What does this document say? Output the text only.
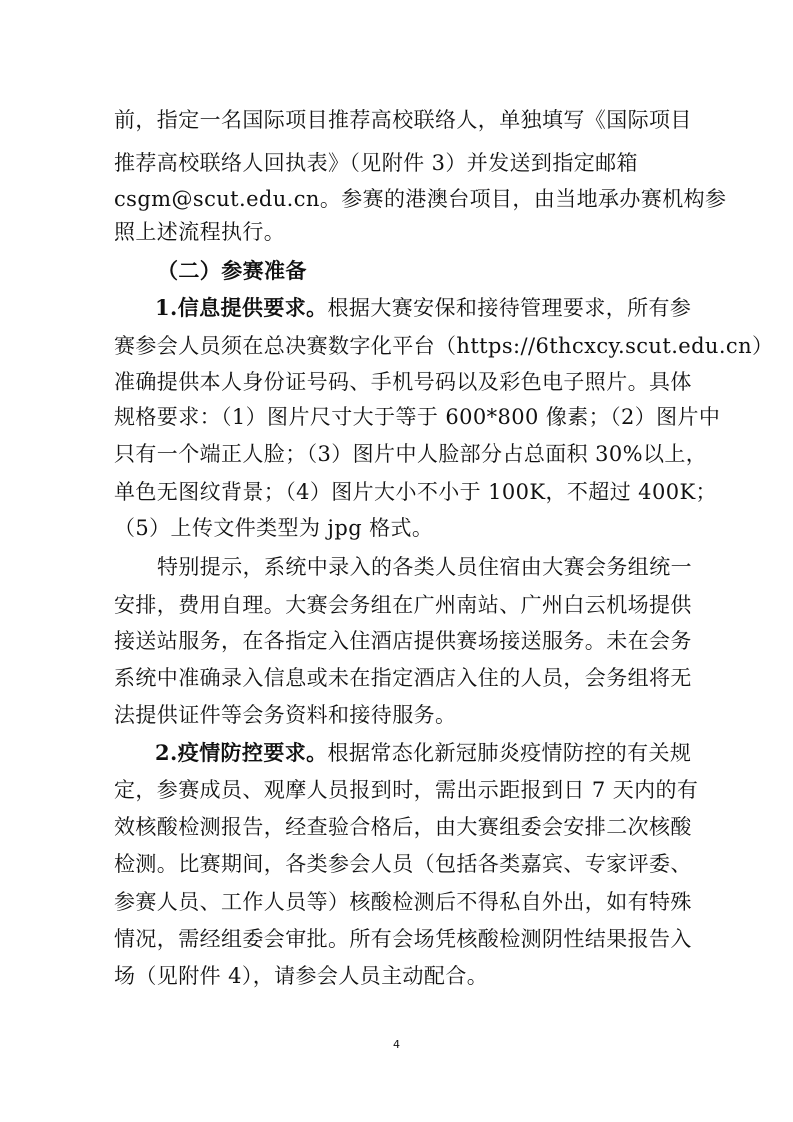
前，指定一名国际项目推荐高校联络人，单独填写《国际项目
推荐高校联络人回执表》（见附件 3）并发送到指定邮箱
csgm@scut.edu.cn。参赛的港澳台项目，由当地承办赛机构参
照上述流程执行。
（二）参赛准备
1.信息提供要求。根据大赛安保和接待管理要求，所有参
赛参会人员须在总决赛数字化平台（https://6thcxcy.scut.edu.cn）
准确提供本人身份证号码、手机号码以及彩色电子照片。具体
规格要求：（1）图片尺寸大于等于 600*800 像素；（2）图片中
只有一个端正人脸；（3）图片中人脸部分占总面积 30%以上，
单色无图纹背景；（4）图片大小不小于 100K，不超过 400K；
（5）上传文件类型为 jpg 格式。
特别提示，系统中录入的各类人员住宿由大赛会务组统一
安排，费用自理。大赛会务组在广州南站、广州白云机场提供
接送站服务，在各指定入住酒店提供赛场接送服务。未在会务
系统中准确录入信息或未在指定酒店入住的人员，会务组将无
法提供证件等会务资料和接待服务。
2.疫情防控要求。根据常态化新冠肺炎疫情防控的有关规
定，参赛成员、观摩人员报到时，需出示距报到日 7 天内的有
效核酸检测报告，经查验合格后，由大赛组委会安排二次核酸
检测。比赛期间，各类参会人员（包括各类嘉宾、专家评委、
参赛人员、工作人员等）核酸检测后不得私自外出，如有特殊
情况，需经组委会审批。所有会场凭核酸检测阴性结果报告入
场（见附件 4），请参会人员主动配合。
4
